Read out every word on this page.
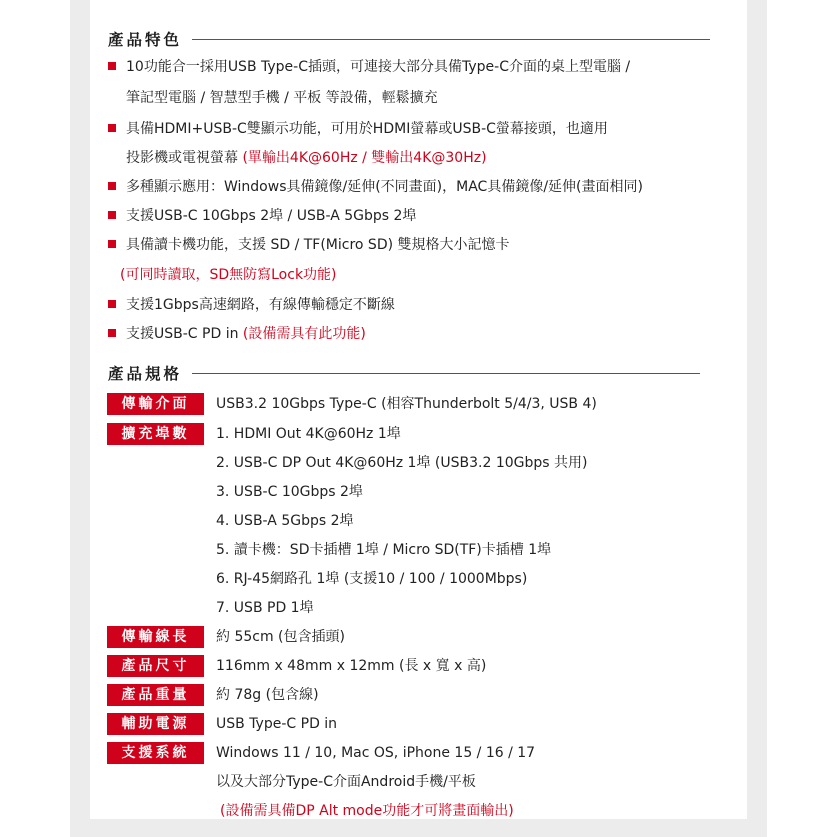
產品特色
10功能合一採用USB Type-C插頭，可連接大部分具備Type-C介面的桌上型電腦 /
筆記型電腦 / 智慧型手機 / 平板 等設備，輕鬆擴充
具備HDMI+USB-C雙顯示功能，可用於HDMI螢幕或USB-C螢幕接頭，也適用
投影機或電視螢幕 (單輸出4K@60Hz / 雙輸出4K@30Hz)
多種顯示應用：Windows具備鏡像/延伸(不同畫面)，MAC具備鏡像/延伸(畫面相同)
支援USB-C 10Gbps 2埠 / USB-A 5Gbps 2埠
具備讀卡機功能，支援 SD / TF(Micro SD) 雙規格大小記憶卡
(可同時讀取，SD無防寫Lock功能)
支援1Gbps高速網路，有線傳輸穩定不斷線
支援USB-C PD in (設備需具有此功能)
產品規格
傳輸介面	USB3.2 10Gbps Type-C (相容Thunderbolt 5/4/3, USB 4)
擴充埠數	1. HDMI Out 4K@60Hz 1埠
2. USB-C DP Out 4K@60Hz 1埠 (USB3.2 10Gbps 共用)
3. USB-C 10Gbps 2埠
4. USB-A 5Gbps 2埠
5. 讀卡機：SD卡插槽 1埠 / Micro SD(TF)卡插槽 1埠
6. RJ-45網路孔 1埠 (支援10 / 100 / 1000Mbps)
7. USB PD 1埠
傳輸線長	約 55cm (包含插頭)
產品尺寸	116mm x 48mm x 12mm (長 x 寬 x 高)
產品重量	約 78g (包含線)
輔助電源	USB Type-C PD in
支援系統	Windows 11 / 10, Mac OS, iPhone 15 / 16 / 17
以及大部分Type-C介面Android手機/平板
(設備需具備DP Alt mode功能才可將畫面輸出)
